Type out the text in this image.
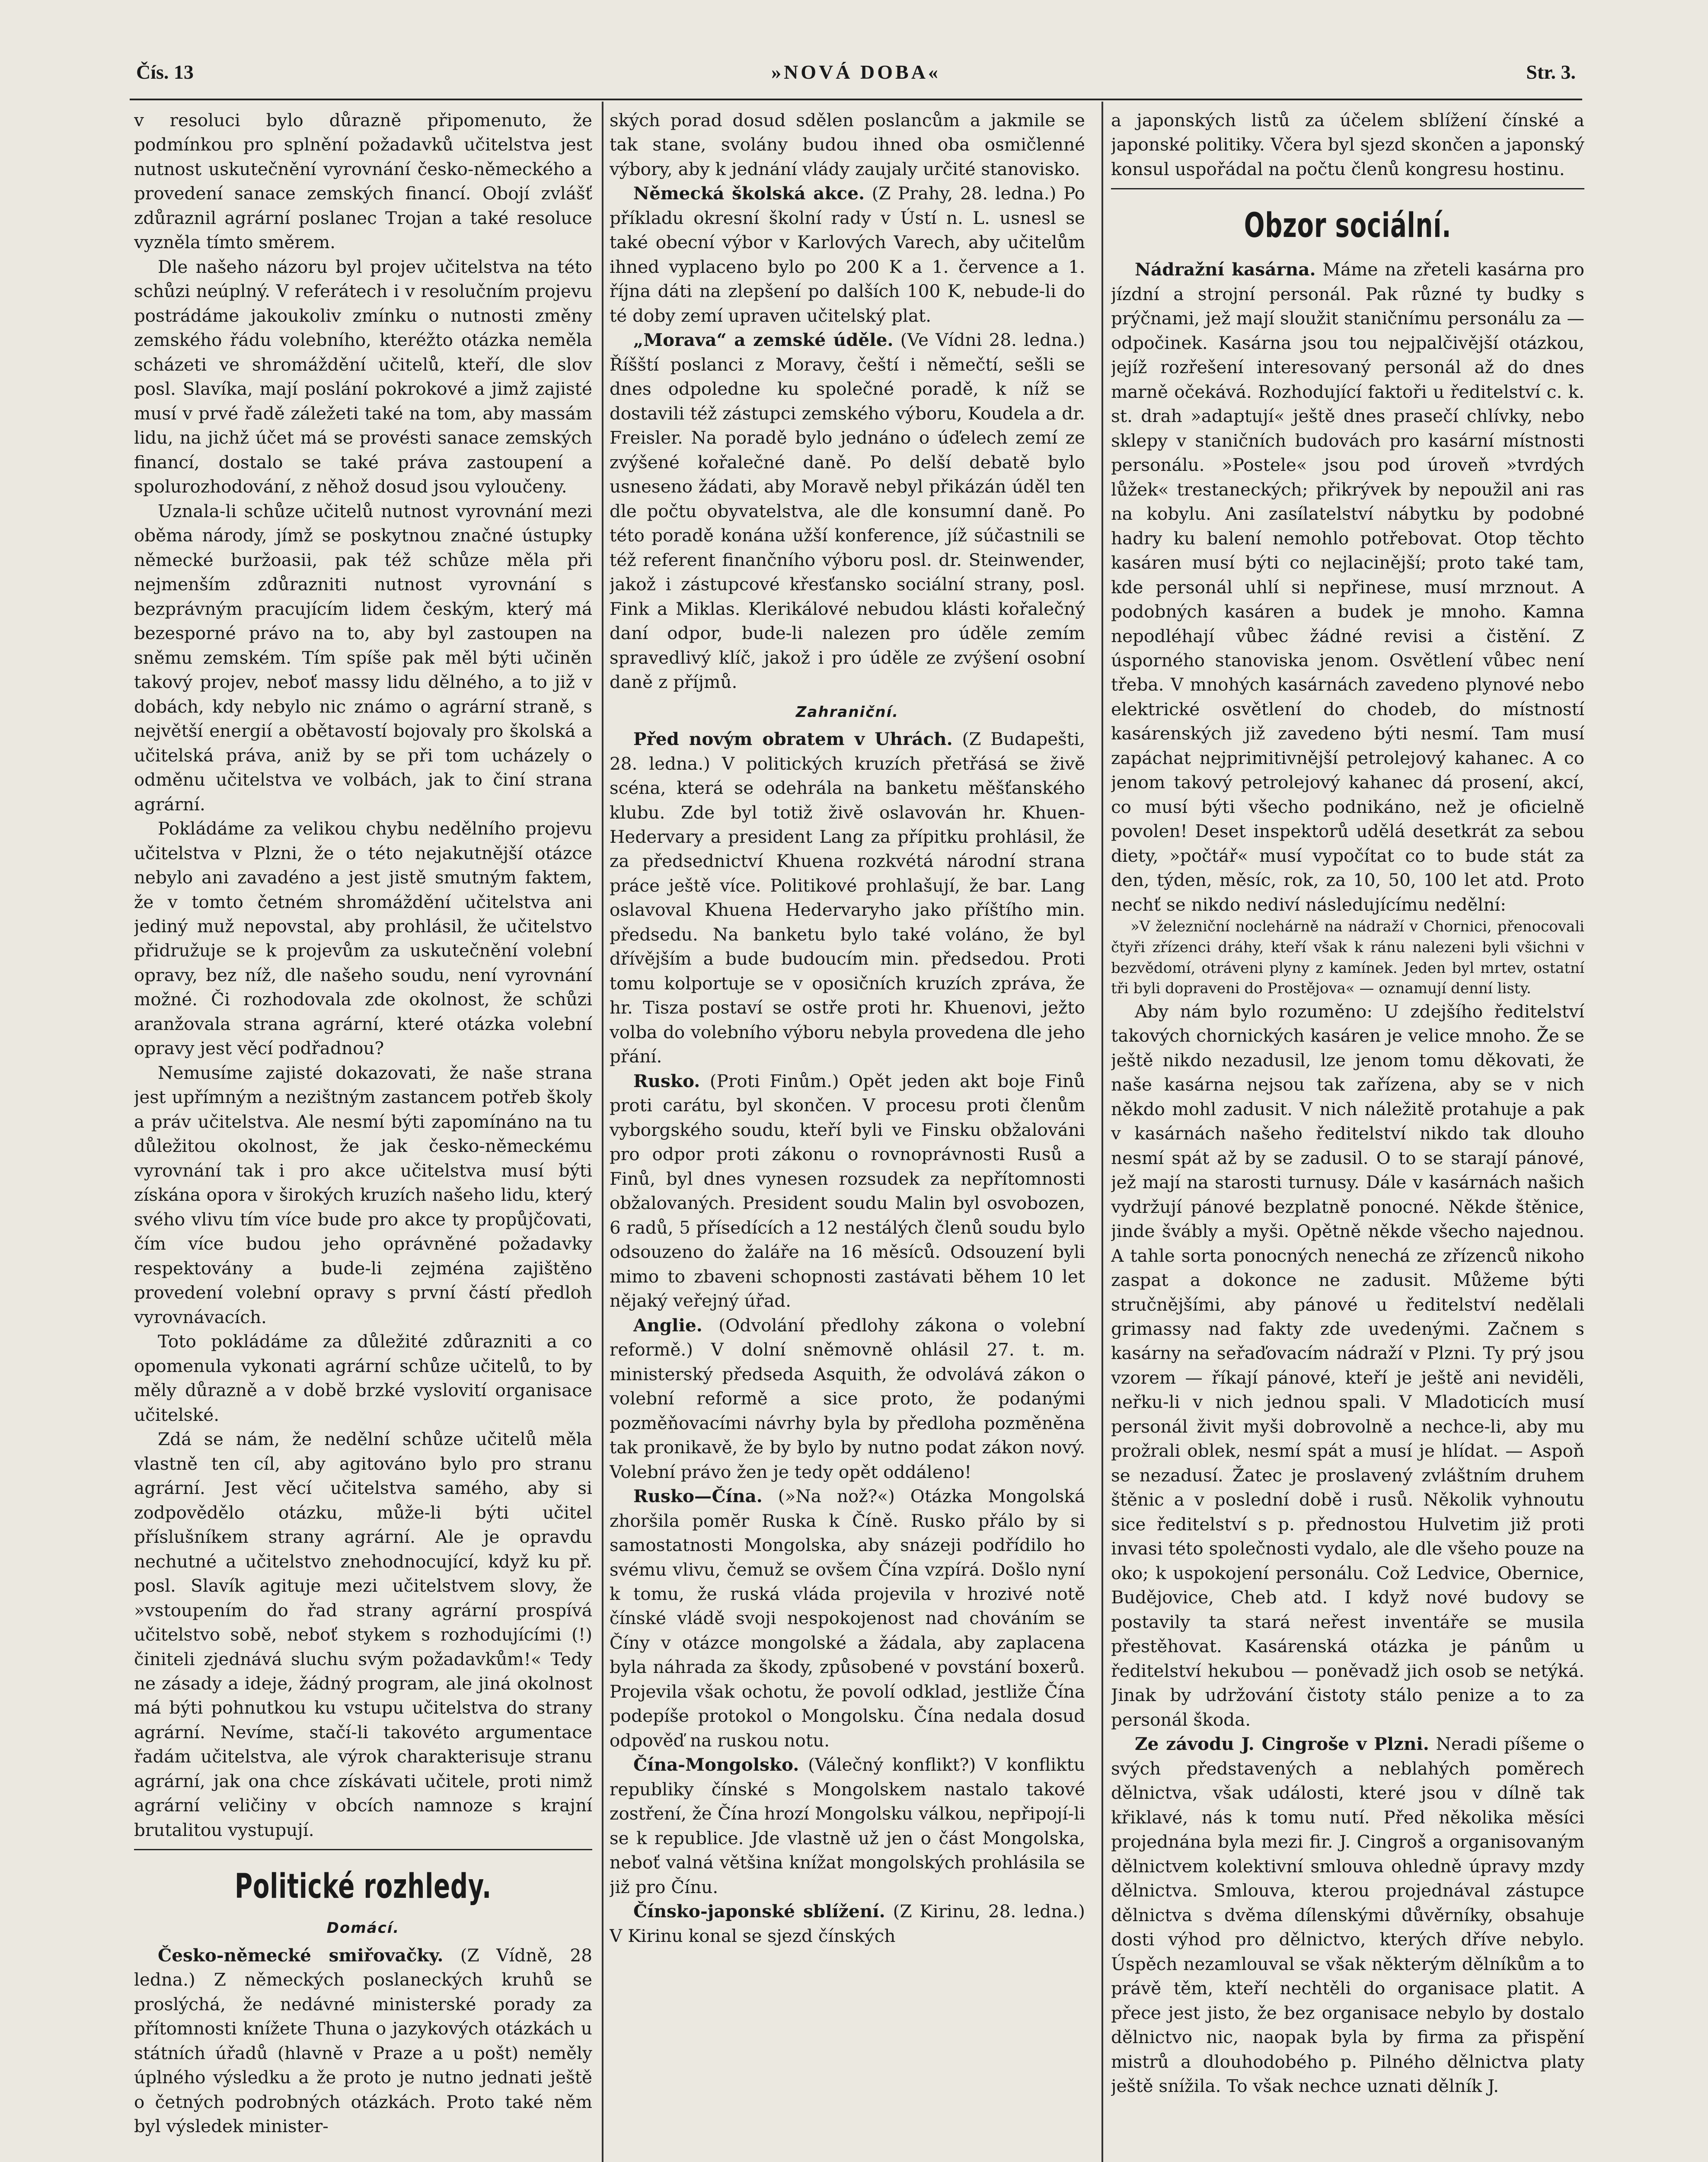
Čís. 13	»NOVÁ DOBA«	Str. 3.

v resoluci bylo důrazně připomenuto, že podmínkou pro splnění požadavků učitelstva jest nutnost uskutečnění vyrovnání česko-německého a provedení sanace zemských financí. Obojí zvlášť zdůraznil agrární poslanec Trojan a také resoluce vyzněla tímto směrem.

Dle našeho názoru byl projev učitelstva na této schůzi neúplný. V referátech i v resolučním projevu postrádáme jakoukoliv zmínku o nutnosti změny zemského řádu volebního, kteréžto otázka neměla scházeti ve shromáždění učitelů, kteří, dle slov posl. Slavíka, mají poslání pokrokové a jimž zajisté musí v prvé řadě záležeti také na tom, aby massám lidu, na jichž účet má se provésti sanace zemských financí, dostalo se také práva zastoupení a spolurozhodování, z něhož dosud jsou vyloučeny.

Uznala-li schůze učitelů nutnost vyrovnání mezi oběma národy, jímž se poskytnou značné ústupky německé buržoasii, pak též schůze měla při nejmenším zdůrazniti nutnost vyrovnání s bezprávným pracujícím lidem českým, který má bezesporné právo na to, aby byl zastoupen na sněmu zemském. Tím spíše pak měl býti učiněn takový projev, neboť massy lidu dělného, a to již v dobách, kdy nebylo nic známo o agrární straně, s největší energií a obětavostí bojovaly pro školská a učitelská práva, aniž by se při tom ucházely o odměnu učitelstva ve volbách, jak to činí strana agrární.

Pokládáme za velikou chybu nedělního projevu učitelstva v Plzni, že o této nejakutnější otázce nebylo ani zavadéno a jest jistě smutným faktem, že v tomto četném shromáždění učitelstva ani jediný muž nepovstal, aby prohlásil, že učitelstvo přidružuje se k projevům za uskutečnění volební opravy, bez níž, dle našeho soudu, není vyrovnání možné. Či rozhodovala zde okolnost, že schůzi aranžovala strana agrární, které otázka volební opravy jest věcí podřadnou?

Nemusíme zajisté dokazovati, že naše strana jest upřímným a nezištným zastancem potřeb školy a práv učitelstva. Ale nesmí býti zapomínáno na tu důležitou okolnost, že jak česko-německému vyrovnání tak i pro akce učitelstva musí býti získána opora v širokých kruzích našeho lidu, který svého vlivu tím více bude pro akce ty propůjčovati, čím více budou jeho oprávněné požadavky respektovány a bude-li zejména zajištěno provedení volební opravy s první částí předloh vyrovnávacích.

Toto pokládáme za důležité zdůrazniti a co opomenula vykonati agrární schůze učitelů, to by měly důrazně a v době brzké vyslovití organisace učitelské.

Zdá se nám, že nedělní schůze učitelů měla vlastně ten cíl, aby agitováno bylo pro stranu agrární. Jest věcí učitelstva samého, aby si zodpovědělo otázku, může-li býti učitel příslušníkem strany agrární. Ale je opravdu nechutné a učitelstvo znehodnocující, když ku př. posl. Slavík agituje mezi učitelstvem slovy, že »vstoupením do řad strany agrární prospívá učitelstvo sobě, neboť stykem s rozhodujícími (!) činiteli zjednává sluchu svým požadavkům!« Tedy ne zásady a ideje, žádný program, ale jiná okolnost má býti pohnutkou ku vstupu učitelstva do strany agrární. Nevíme, stačí-li takovéto argumentace řadám učitelstva, ale výrok charakterisuje stranu agrární, jak ona chce získávati učitele, proti nimž agrární veličiny v obcích namnoze s krajní brutalitou vystupují.

Politické rozhledy.
Domácí.

Česko-německé smiřovačky. (Z Vídně, 28 ledna.) Z německých poslaneckých kruhů se proslýchá, že nedávné ministerské porady za přítomnosti knížete Thuna o jazykových otázkách u státních úřadů (hlavně v Praze a u pošt) neměly úplného výsledku a že proto je nutno jednati ještě o četných podrobných otázkách. Proto také něm byl výsledek minister-

ských porad dosud sdělen poslancům a jakmile se tak stane, svolány budou ihned oba osmičlenné výbory, aby k jednání vlády zaujaly určité stanovisko.

Německá školská akce. (Z Prahy, 28. ledna.) Po příkladu okresní školní rady v Ústí n. L. usnesl se také obecní výbor v Karlových Varech, aby učitelům ihned vyplaceno bylo po 200 K a 1. července a 1. října dáti na zlepšení po dalších 100 K, nebude-li do té doby zemí upraven učitelský plat.

„Morava“ a zemské úděle. (Ve Vídni 28. ledna.) Říšští poslanci z Moravy, čeští i němečtí, sešli se dnes odpoledne ku společné poradě, k níž se dostavili též zástupci zemského výboru, Koudela a dr. Freisler. Na poradě bylo jednáno o úďelech zemí ze zvýšené kořalečné daně. Po delší debatě bylo usneseno žádati, aby Moravě nebyl přikázán úděl ten dle počtu obyvatelstva, ale dle konsumní daně. Po této poradě konána užší konference, jíž súčastnili se též referent finančního výboru posl. dr. Steinwender, jakož i zástupcové křesťansko sociální strany, posl. Fink a Miklas. Klerikálové nebudou klásti kořalečný daní odpor, bude-li nalezen pro úděle zemím spravedlivý klíč, jakož i pro úděle ze zvýšení osobní daně z příjmů.

Zahraniční.

Před novým obratem v Uhrách. (Z Budapešti, 28. ledna.) V politických kruzích přetřásá se živě scéna, která se odehrála na banketu měšťanského klubu. Zde byl totiž živě oslavován hr. Khuen-Hedervary a president Lang za přípitku prohlásil, že za předsednictví Khuena rozkvétá národní strana práce ještě více. Politikové prohlašují, že bar. Lang oslavoval Khuena Hedervaryho jako příštího min. předsedu. Na banketu bylo také voláno, že byl dřívějším a bude budoucím min. předsedou. Proti tomu kolportuje se v oposičních kruzích zpráva, že hr. Tisza postaví se ostře proti hr. Khuenovi, ježto volba do volebního výboru nebyla provedena dle jeho přání.

Rusko. (Proti Finům.) Opět jeden akt boje Finů proti carátu, byl skončen. V procesu proti členům vyborgského soudu, kteří byli ve Finsku obžalováni pro odpor proti zákonu o rovnoprávnosti Rusů a Finů, byl dnes vynesen rozsudek za nepřítomnosti obžalovaných. President soudu Malin byl osvobozen, 6 radů, 5 přísedících a 12 nestálých členů soudu bylo odsouzeno do žaláře na 16 měsíců. Odsouzení byli mimo to zbaveni schopnosti zastávati během 10 let nějaký veřejný úřad.

Anglie. (Odvolání předlohy zákona o volební reformě.) V dolní sněmovně ohlásil 27. t. m. ministerský předseda Asquith, že odvolává zákon o volební reformě a sice proto, že podanými pozměňovacími návrhy byla by předloha pozměněna tak pronikavě, že by bylo by nutno podat zákon nový. Volební právo žen je tedy opět oddáleno!

Rusko—Čína. (»Na nož?«) Otázka Mongolská zhoršila pomĕr Ruska k Číně. Rusko přálo by si samostatnosti Mongolska, aby snázeji podřídilo ho svému vlivu, čemuž se ovšem Čína vzpírá. Došlo nyní k tomu, že ruská vláda projevila v hrozivé notě čínské vládě svoji nespokojenost nad chováním se Číny v otázce mongolské a žádala, aby zaplacena byla náhrada za škody, způsobené v povstání boxerů. Projevila však ochotu, že povolí odklad, jestliže Čína podepíše protokol o Mongolsku. Čína nedala dosud odpověď na ruskou notu.

Čína-Mongolsko. (Válečný konflikt?) V konfliktu republiky čínské s Mongolskem nastalo takové zostření, že Čína hrozí Mongolsku válkou, nepřipojí-li se k republice. Jde vlastně už jen o část Mongolska, neboť valná většina knížat mongolských prohlásila se již pro Čínu.

Čínsko-japonské sblížení. (Z Kirinu, 28. ledna.) V Kirinu konal se sjezd čínských

a japonských listů za účelem sblížení čínské a japonské politiky. Včera byl sjezd skončen a japonský konsul uspořádal na počtu členů kongresu hostinu.

Obzor sociální.

Nádražní kasárna. Máme na zřeteli kasárna pro jízdní a strojní personál. Pak různé ty budky s prýčnami, jež mají sloužit staničnímu personálu za — odpočinek. Kasárna jsou tou nejpalčivější otázkou, jejíž rozřešení interesovaný personál až do dnes marně očekává. Rozhodující faktoři u ředitelství c. k. st. drah »adaptují« ještě dnes prasečí chlívky, nebo sklepy v staničních budovách pro kasární místnosti personálu. »Postele« jsou pod úroveň »tvrdých lůžek« trestaneckých; přikrývek by nepoužil ani ras na kobylu. Ani zasílatelství nábytku by podobné hadry ku balení nemohlo potřebovat. Otop těchto kasáren musí býti co nejlacinější; proto také tam, kde personál uhlí si nepřinese, musí mrznout. A podobných kasáren a budek je mnoho. Kamna nepodléhají vůbec žádné revisi a čistění. Z úsporného stanoviska jenom. Osvětlení vůbec není třeba. V mnohých kasárnách zavedeno plynové nebo elektrické osvětlení do chodeb, do místností kasárenských již zavedeno býti nesmí. Tam musí zapáchat nejprimitivnější petrolejový kahanec. A co jenom takový petrolejový kahanec dá prosení, akcí, co musí býti všecho podnikáno, než je oficielně povolen! Deset inspektorů udělá desetkrát za sebou diety, »počtář« musí vypočítat co to bude stát za den, týden, měsíc, rok, za 10, 50, 100 let atd. Proto nechť se nikdo nediví následujícímu nedělní:

»V železniční noclehárně na nádraží v Chornici, přenocovali čtyři zřízenci dráhy, kteří však k ránu nalezeni byli všichni v bezvědomí, otráveni plyny z kamínek. Jeden byl mrtev, ostatní tři byli dopraveni do Prostějova« — oznamují denní listy.

Aby nám bylo rozuměno: U zdejšího ředitelství takových chornických kasáren je velice mnoho. Že se ještě nikdo nezadusil, lze jenom tomu děkovati, že naše kasárna nejsou tak zařízena, aby se v nich někdo mohl zadusit. V nich náležitě protahuje a pak v kasárnách našeho ředitelství nikdo tak dlouho nesmí spát až by se zadusil. O to se starají pánové, jež mají na starosti turnusy. Dále v kasárnách našich vydržují pánové bezplatně ponocné. Někde štěnice, jinde švábly a myši. Opětně někde všecho najednou. A tahle sorta ponocných nenechá ze zřízenců nikoho zaspat a dokonce ne zadusit. Můžeme býti stručnějšími, aby pánové u ředitelství nedělali grimassy nad fakty zde uvedenými. Začnem s kasárny na seřaďovacím nádraží v Plzni. Ty prý jsou vzorem — říkají pánové, kteří je ještě ani neviděli, neřku-li v nich jednou spali. V Mladoticích musí personál živit myši dobrovolně a nechce-li, aby mu prožrali oblek, nesmí spát a musí je hlídat. — Aspoň se nezadusí. Žatec je proslavený zvláštním druhem štěnic a v poslední době i rusů. Několik vyhnoutu sice ředitelství s p. přednostou Hulvetim již proti invasi této společnosti vydalo, ale dle všeho pouze na oko; k uspokojení personálu. Což Ledvice, Obernice, Budějovice, Cheb atd. I když nové budovy se postavily ta stará neřest inventáře se musila přestěhovat. Kasárenská otázka je pánům u ředitelství hekubou — poněvadž jich osob se netýká. Jinak by udržování čistoty stálo penize a to za personál škoda.

Ze závodu J. Cingroše v Plzni. Neradi píšeme o svých představených a neblahých poměrech dělnictva, však události, které jsou v dílně tak křiklavé, nás k tomu nutí. Před několika měsíci projednána byla mezi fir. J. Cingroš a organisovaným dělnictvem kolektivní smlouva ohledně úpravy mzdy dělnictva. Smlouva, kterou projednával zástupce dělnictva s dvěma dílenskými důvěrníky, obsahuje dosti výhod pro dělnictvo, kterých dříve nebylo. Úspěch nezamlouval se však některým dělníkům a to právě těm, kteří nechtěli do organisace platit. A přece jest jisto, že bez organisace nebylo by dostalo dělnictvo nic, naopak byla by firma za přispění mistrů a dlouhodobého p. Pilného dělnictva platy ještě snížila. To však nechce uznati dělník J.
